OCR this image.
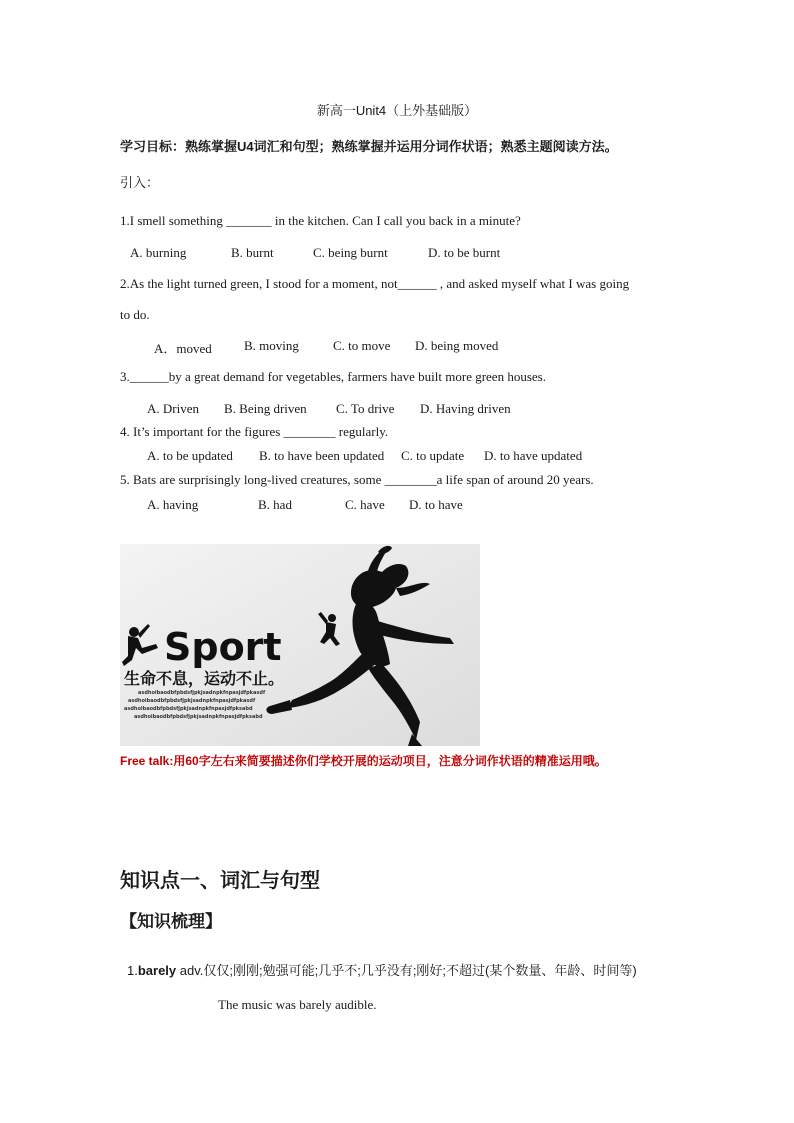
新高一Unit4（上外基础版）
学习目标：熟练掌握U4词汇和句型；熟练掌握并运用分词作状语；熟悉主题阅读方法。
引入：
1.I smell something _______ in the kitchen. Can I call you back in a minute?
A. burning	B. burnt	C. being burnt	D. to be burnt
2.As the light turned green, I stood for a moment, not______ , and asked myself what I was going
to do.
A．moved B. moving	C. to move D. being moved
3.______by a great demand for vegetables, farmers have built more green houses.
A. Driven B. Being driven C. To drive D. Having driven
4. It’s important for the figures ________ regularly.
A. to be updated B. to have been updated C. to update D. to have updated
5. Bats are surprisingly long-lived creatures, some ________a life span of around 20 years.
A. having	B. had	C. have D. to have
Sport
生命不息，运动不止。
asdhoibaodbfpbdsfjpkjsadnpkfnpasjdfpkasdf
asdhoibaodbfpbdsfjpkjsadnpkfnpasjdfpkasdf
asdhoibaodbfpbdsfjpkjsadnpkfnpasjdfpksabd
asdhoibaodbfpbdsfjpkjsadnpkfnpasjdfpksabd
Free talk:用60字左右来简要描述你们学校开展的运动项目，注意分词作状语的精准运用哦。
知识点一、词汇与句型
【知识梳理】
1.barely adv.仅仅;刚刚;勉强可能;几乎不;几乎没有;刚好;不超过(某个数量、年龄、时间等)
The music was barely audible.
